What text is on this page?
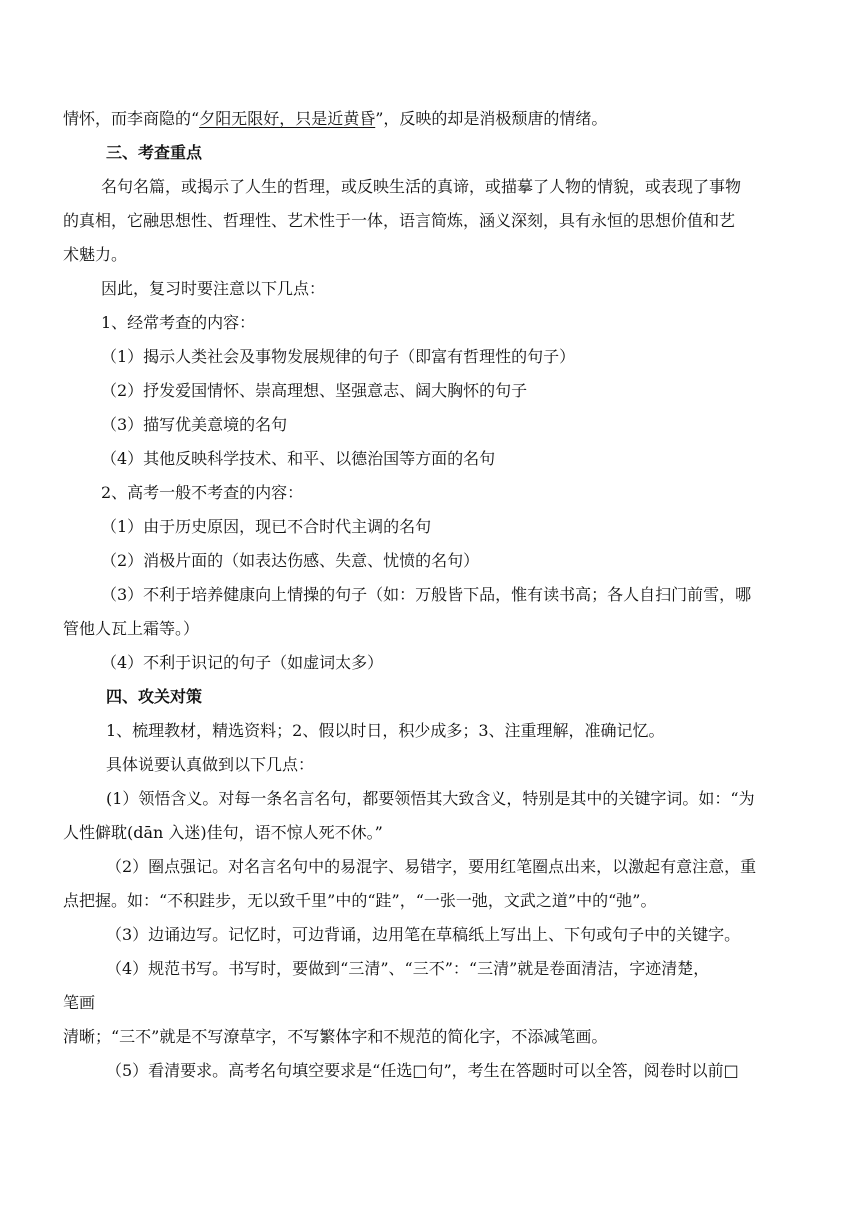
情怀，而李商隐的“夕阳无限好，只是近黄昏”，反映的却是消极颓唐的情绪。
三、考查重点
名句名篇，或揭示了人生的哲理，或反映生活的真谛，或描摹了人物的情貌，或表现了事物
的真相，它融思想性、哲理性、艺术性于一体，语言简炼，涵义深刻，具有永恒的思想价值和艺
术魅力。
因此，复习时要注意以下几点：
1、经常考查的内容：
（1）揭示人类社会及事物发展规律的句子（即富有哲理性的句子）
（2）抒发爱国情怀、崇高理想、坚强意志、阔大胸怀的句子
（3）描写优美意境的名句
（4）其他反映科学技术、和平、以德治国等方面的名句
2、高考一般不考查的内容：
（1）由于历史原因，现已不合时代主调的名句
（2）消极片面的（如表达伤感、失意、忧愤的名句）
（3）不利于培养健康向上情操的句子（如：万般皆下品，惟有读书高；各人自扫门前雪，哪
管他人瓦上霜等。）
（4）不利于识记的句子（如虚词太多）
四、攻关对策
1、梳理教材，精选资料；2、假以时日，积少成多；3、注重理解，准确记忆。
具体说要认真做到以下几点：
(1）领悟含义。对每一条名言名句，都要领悟其大致含义，特别是其中的关键字词。如：“为
人性僻耽(dān 入迷)佳句，语不惊人死不休。”
（2）圈点强记。对名言名句中的易混字、易错字，要用红笔圈点出来，以激起有意注意，重
点把握。如：“不积跬步，无以致千里”中的“跬”，“一张一弛，文武之道”中的“弛”。
（3）边诵边写。记忆时，可边背诵，边用笔在草稿纸上写出上、下句或句子中的关键字。
（4）规范书写。书写时，要做到“三清”、“三不”：“三清”就是卷面清洁，字迹清楚，
笔画
清晰；“三不”就是不写潦草字，不写繁体字和不规范的简化字，不添减笔画。
（5）看清要求。高考名句填空要求是“任选□句”，考生在答题时可以全答，阅卷时以前□
